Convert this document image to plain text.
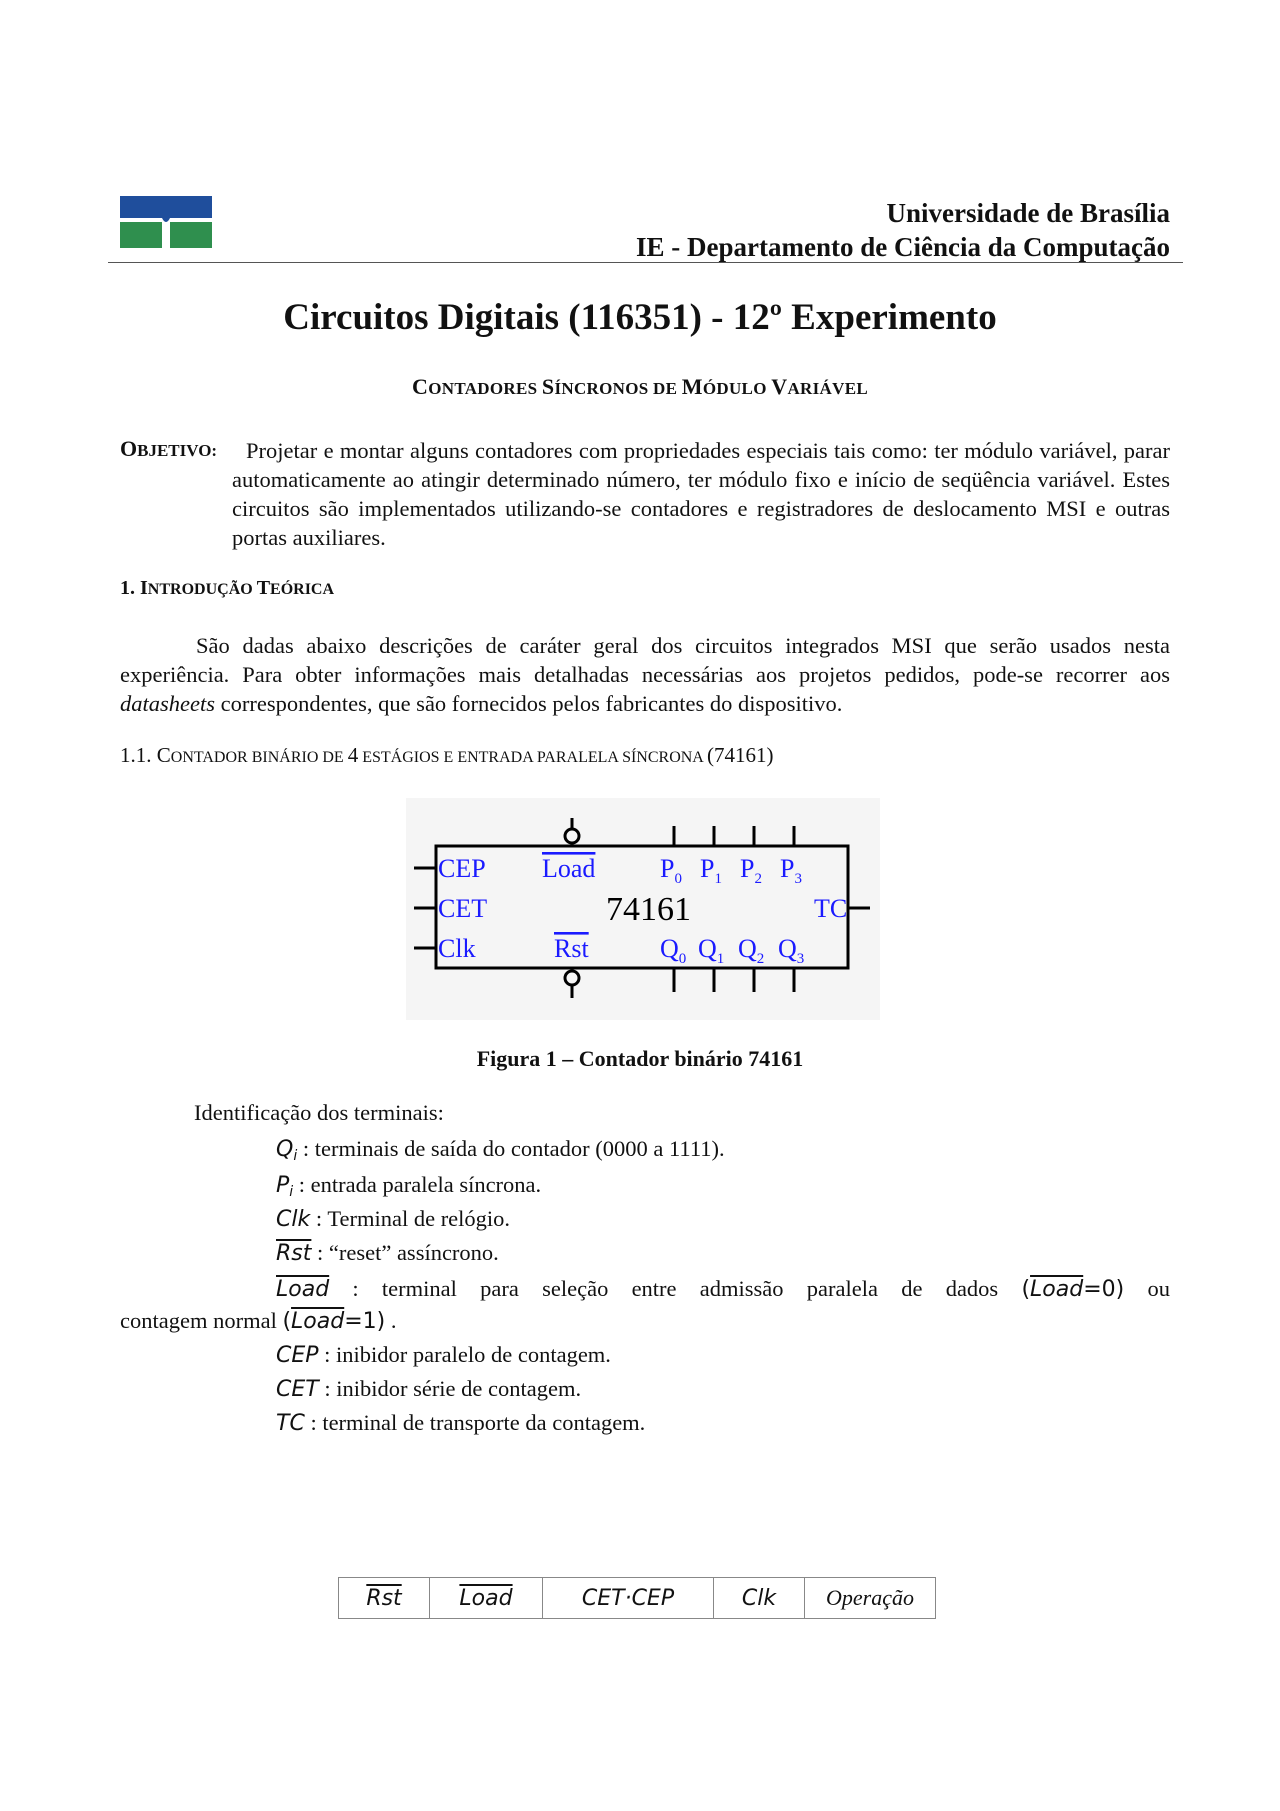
Universidade de Brasília
IE - Departamento de Ciência da Computação
Circuitos Digitais (116351) - 12º Experimento
CONTADORES SÍNCRONOS DE MÓDULO VARIÁVEL
OBJETIVO:	Projetar e montar alguns contadores com propriedades especiais tais como: ter módulo variável, parar automaticamente ao atingir determinado número, ter módulo fixo e início de seqüência variável. Estes circuitos são implementados utilizando-se contadores e registradores de deslocamento MSI e outras portas auxiliares.
1. INTRODUÇÃO TEÓRICA
São dadas abaixo descrições de caráter geral dos circuitos integrados MSI que serão usados nesta experiência. Para obter informações mais detalhadas necessárias aos projetos pedidos, pode-se recorrer aos datasheets correspondentes, que são fornecidos pelos fabricantes do dispositivo.
1.1. CONTADOR BINÁRIO DE 4 ESTÁGIOS E ENTRADA PARALELA SÍNCRONA (74161)
CEP
CET
Clk
Load
Rst
TC
$P_0$ $P_1$ $P_2$ $P_3$
$Q_0$ $Q_1$ $Q_2$ $Q_3$
74161
Figura 1 – Contador binário 74161
Identificação dos terminais:
$Q_i$ : terminais de saída do contador (0000 a 1111).
$P_i$ : entrada paralela síncrona.
Clk : Terminal de relógio.
$\overline{Rst}$ : “reset” assíncrono.
Load : terminal para seleção entre admissão paralela de dados (Load=0) ou
contagem normal (Load=1) .
CEP : inibidor paralelo de contagem.
CET : inibidor série de contagem.
TC : terminal de transporte da contagem.
$\overline{Rst}$	Load	CET·CEP	Clk	Operação
